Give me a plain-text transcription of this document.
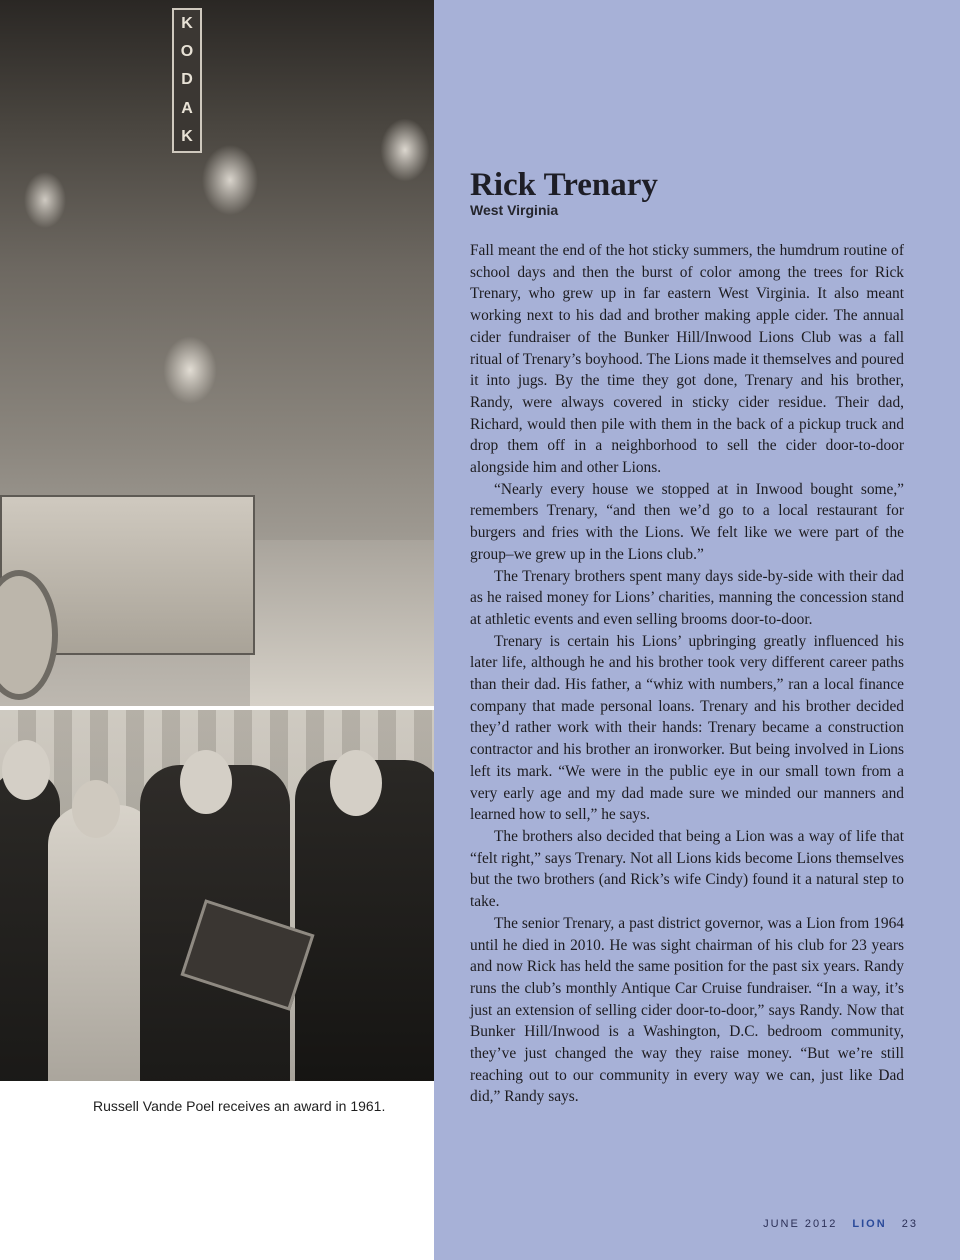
K
O
D
A
K
Russell Vande Poel receives an award in 1961.
Rick Trenary
West Virginia

Fall meant the end of the hot sticky summers, the humdrum routine of school days and then the burst of color among the trees for Rick Trenary, who grew up in far eastern West Virginia. It also meant working next to his dad and brother making apple cider. The annual cider fundraiser of the Bunker Hill/Inwood Lions Club was a fall ritual of Trenary’s boyhood. The Lions made it themselves and poured it into jugs. By the time they got done, Trenary and his brother, Randy, were always covered in sticky cider residue. Their dad, Richard, would then pile with them in the back of a pickup truck and drop them off in a neighborhood to sell the cider door-to-door alongside him and other Lions.

“Nearly every house we stopped at in Inwood bought some,” remembers Trenary, “and then we’d go to a local restaurant for burgers and fries with the Lions. We felt like we were part of the group–we grew up in the Lions club.”

The Trenary brothers spent many days side-by-side with their dad as he raised money for Lions’ charities, manning the concession stand at athletic events and even selling brooms door-to-door.

Trenary is certain his Lions’ upbringing greatly influenced his later life, although he and his brother took very different career paths than their dad. His father, a “whiz with numbers,” ran a local finance company that made personal loans. Trenary and his brother decided they’d rather work with their hands: Trenary became a construction contractor and his brother an ironworker. But being involved in Lions left its mark. “We were in the public eye in our small town from a very early age and my dad made sure we minded our manners and learned how to sell,” he says.

The brothers also decided that being a Lion was a way of life that “felt right,” says Trenary. Not all Lions kids become Lions themselves but the two brothers (and Rick’s wife Cindy) found it a natural step to take.

The senior Trenary, a past district governor, was a Lion from 1964 until he died in 2010. He was sight chairman of his club for 23 years and now Rick has held the same position for the past six years. Randy runs the club’s monthly Antique Car Cruise fundraiser. “In a way, it’s just an extension of selling cider door-to-door,” says Randy. Now that Bunker Hill/Inwood is a Washington, D.C. bedroom community, they’ve just changed the way they raise money. “But we’re still reaching out to our community in every way we can, just like Dad did,” Randy says.

JUNE 2012 LION 23
